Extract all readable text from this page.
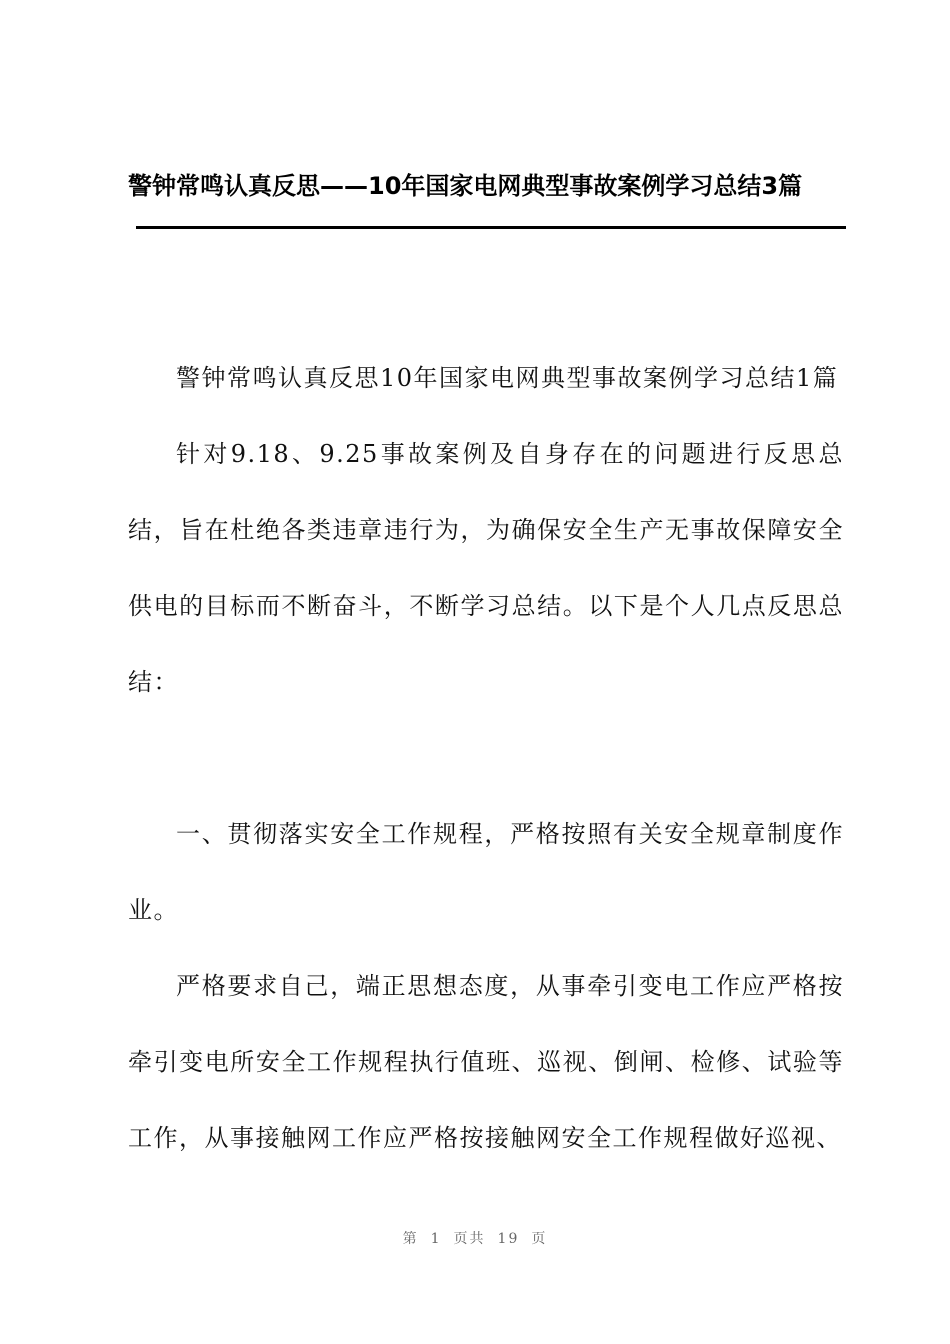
警钟常鸣认真反思——10年国家电网典型事故案例学习总结3篇

警钟常鸣认真反思10年国家电网典型事故案例学习总结1篇

针对9.18、9.25事故案例及自身存在的问题进行反思总结，旨在杜绝各类违章违行为，为确保安全生产无事故保障安全供电的目标而不断奋斗，不断学习总结。以下是个人几点反思总结：

一、贯彻落实安全工作规程，严格按照有关安全规章制度作业。

严格要求自己，端正思想态度，从事牵引变电工作应严格按牵引变电所安全工作规程执行值班、巡视、倒闸、检修、试验等工作，从事接触网工作应严格按接触网安全工作规程做好巡视、

第 1 页共 19 页
